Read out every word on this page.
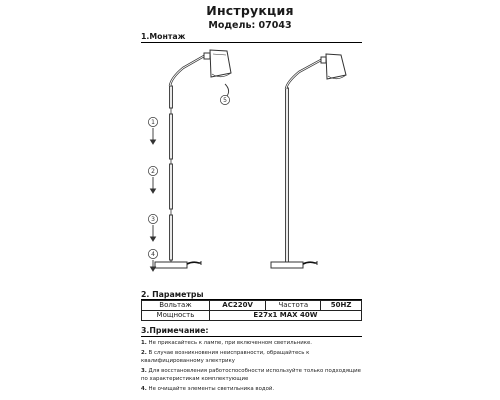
Инструкция
Модель: 07043
1.Монтаж
1
2
3
4
5
2. Параметры
Вольтаж	AC220V	Частота	50HZ
Мощность	E27x1 MAX 40W		
3.Примечание:
1. Не прикасайтесь к лампе, при включенном светильнике.
2. В случае возникновения неисправности, обращайтесь к квалифицированному электрику
3. Для восстановления работоспособности используйте только подходящие по характеристикам комплектующие
4. Не очищайте элементы светильника водой.
